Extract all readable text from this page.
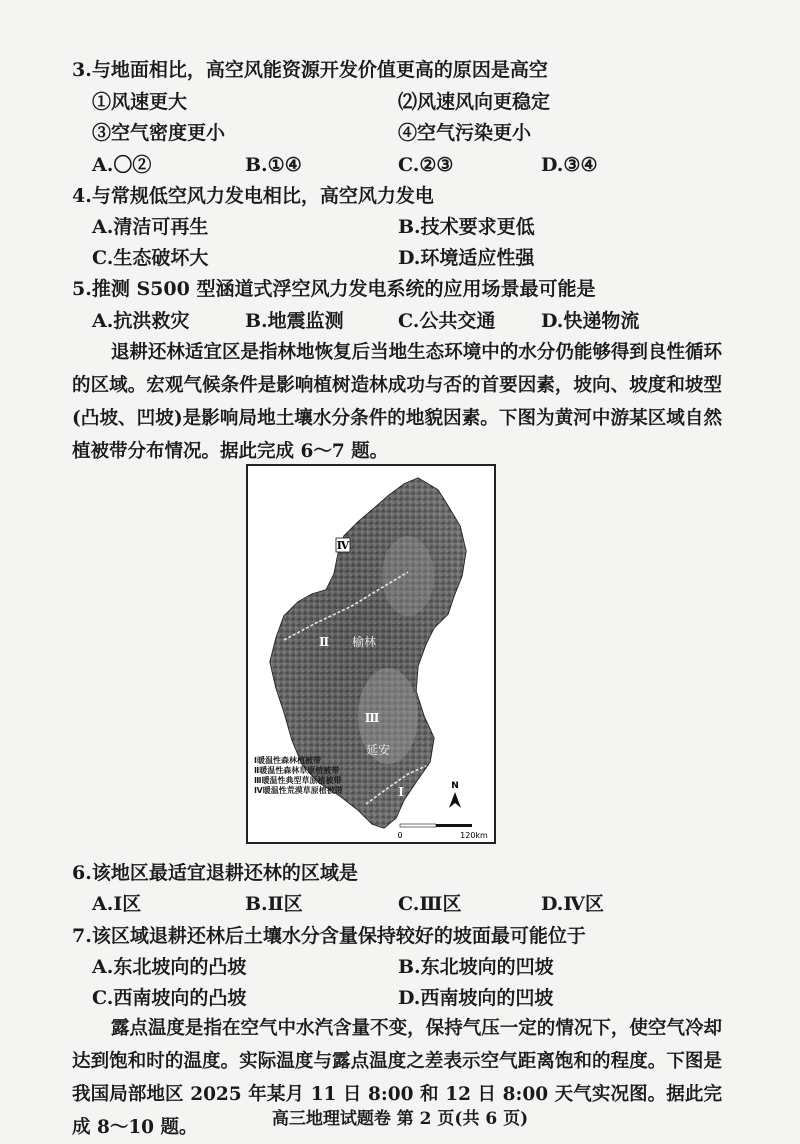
3.与地面相比，高空风能资源开发价值更高的原因是高空
①风速更大	⑵风速风向更稳定
③空气密度更小	④空气污染更小
A.〇②	B.①④	C.②③	D.③④
4.与常规低空风力发电相比，高空风力发电
A.清洁可再生	B.技术要求更低
C.生态破坏大	D.环境适应性强
5.推测 S500 型涵道式浮空风力发电系统的应用场景最可能是
A.抗洪救灾	B.地震监测	C.公共交通 D.快递物流

退耕还林适宜区是指林地恢复后当地生态环境中的水分仍能够得到良性循环的区域。宏观气候条件是影响植树造林成功与否的首要因素，坡向、坡度和坡型(凸坡、凹坡)是影响局地土壤水分条件的地貌因素。下图为黄河中游某区域自然植被带分布情况。据此完成 6～7 题。

Ⅳ
Ⅲ
Ⅱ
Ⅰ
榆林
延安
N
0	120km
Ⅰ暖温性森林植被带
Ⅱ暖温性森林草原植被带
Ⅲ暖温性典型草原植被带
Ⅳ暖温性荒漠草原植被带
6.该地区最适宜退耕还林的区域是
A.Ⅰ区	B.Ⅱ区	C.Ⅲ区	D.Ⅳ区
7.该区域退耕还林后土壤水分含量保持较好的坡面最可能位于
A.东北坡向的凸坡	B.东北坡向的凹坡
C.西南坡向的凸坡	D.西南坡向的凹坡

露点温度是指在空气中水汽含量不变，保持气压一定的情况下，使空气冷却达到饱和时的温度。实际温度与露点温度之差表示空气距离饱和的程度。下图是我国局部地区 2025 年某月 11 日 8:00 和 12 日 8:00 天气实况图。据此完成 8～10 题。	高三地理试题卷 第 2 页(共 6 页)
